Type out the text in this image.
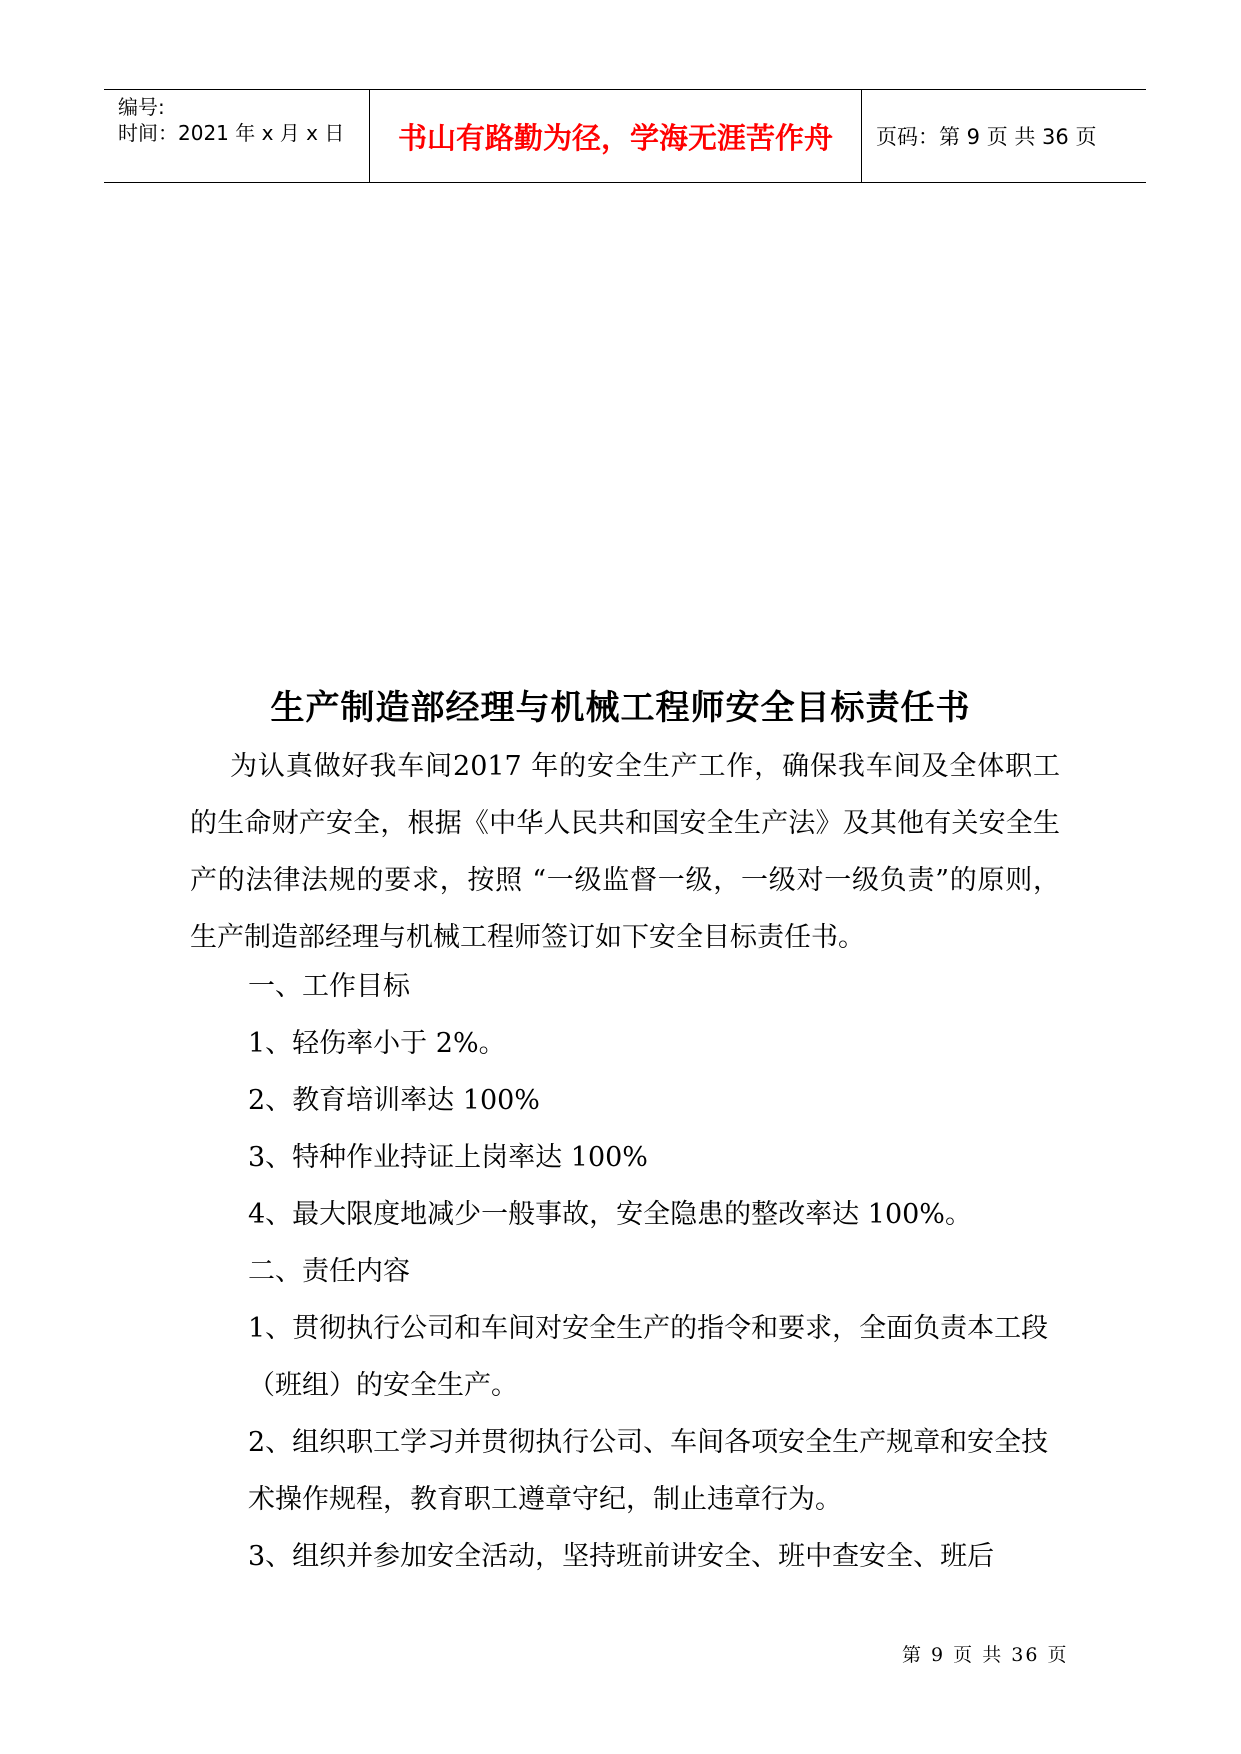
编号:
时间：2021 年 x 月 x 日	书山有路勤为径，学海无涯苦作舟	页码：第 9 页 共 36 页
生产制造部经理与机械工程师安全目标责任书

为认真做好我车间2017 年的安全生产工作，确保我车间及全体职工的生命财产安全，根据《中华人民共和国安全生产法》及其他有关安全生产的法律法规的要求，按照 “一级监督一级，一级对一级负责”的原则，生产制造部经理与机械工程师签订如下安全目标责任书。

一、工作目标

1、轻伤率小于 2%。

2、教育培训率达 100%

3、特种作业持证上岗率达 100%

4、最大限度地减少一般事故，安全隐患的整改率达 100%。

二、责任内容

1、贯彻执行公司和车间对安全生产的指令和要求，全面负责本工段（班组）的安全生产。

2、组织职工学习并贯彻执行公司、车间各项安全生产规章和安全技术操作规程，教育职工遵章守纪，制止违章行为。

3、组织并参加安全活动，坚持班前讲安全、班中查安全、班后

第 9 页 共 36 页
